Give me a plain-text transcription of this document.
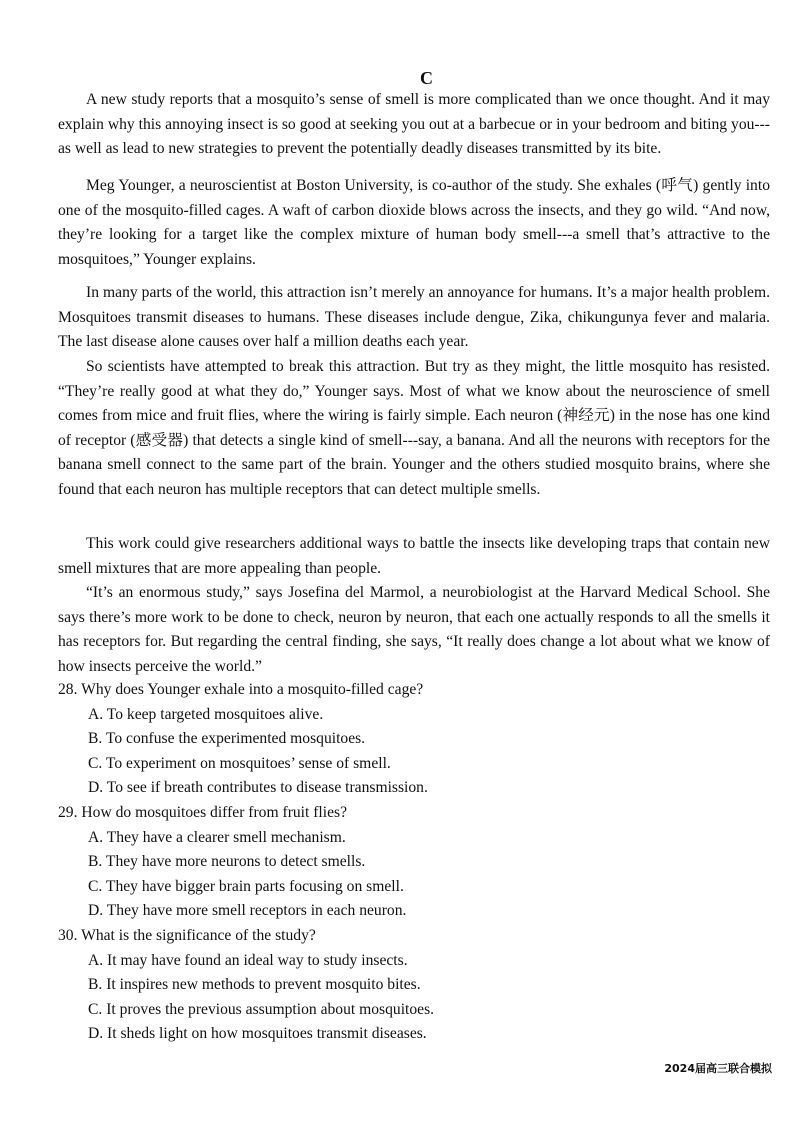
C

A new study reports that a mosquito’s sense of smell is more complicated than we once thought. And it may explain why this annoying insect is so good at seeking you out at a barbecue or in your bedroom and biting you---as well as lead to new strategies to prevent the potentially deadly diseases transmitted by its bite.

Meg Younger, a neuroscientist at Boston University, is co-author of the study. She exhales (呼气) gently into one of the mosquito-filled cages. A waft of carbon dioxide blows across the insects, and they go wild. “And now, they’re looking for a target like the complex mixture of human body smell---a smell that’s attractive to the mosquitoes,” Younger explains.

In many parts of the world, this attraction isn’t merely an annoyance for humans. It’s a major health problem. Mosquitoes transmit diseases to humans. These diseases include dengue, Zika, chikungunya fever and malaria. The last disease alone causes over half a million deaths each year.

So scientists have attempted to break this attraction. But try as they might, the little mosquito has resisted. “They’re really good at what they do,” Younger says. Most of what we know about the neuroscience of smell comes from mice and fruit flies, where the wiring is fairly simple. Each neuron (神经元) in the nose has one kind of receptor (感受器) that detects a single kind of smell---say, a banana. And all the neurons with receptors for the banana smell connect to the same part of the brain. Younger and the others studied mosquito brains, where she found that each neuron has multiple receptors that can detect multiple smells.

This work could give researchers additional ways to battle the insects like developing traps that contain new smell mixtures that are more appealing than people.

“It’s an enormous study,” says Josefina del Marmol, a neurobiologist at the Harvard Medical School. She says there’s more work to be done to check, neuron by neuron, that each one actually responds to all the smells it has receptors for. But regarding the central finding, she says, “It really does change a lot about what we know of how insects perceive the world.”

28. Why does Younger exhale into a mosquito-filled cage?

A. To keep targeted mosquitoes alive.

B. To confuse the experimented mosquitoes.

C. To experiment on mosquitoes’ sense of smell.

D. To see if breath contributes to disease transmission.

29. How do mosquitoes differ from fruit flies?

A. They have a clearer smell mechanism.

B. They have more neurons to detect smells.

C. They have bigger brain parts focusing on smell.

D. They have more smell receptors in each neuron.

30. What is the significance of the study?

A. It may have found an ideal way to study insects.

B. It inspires new methods to prevent mosquito bites.

C. It proves the previous assumption about mosquitoes.

D. It sheds light on how mosquitoes transmit diseases.

2024届高三联合模拟
